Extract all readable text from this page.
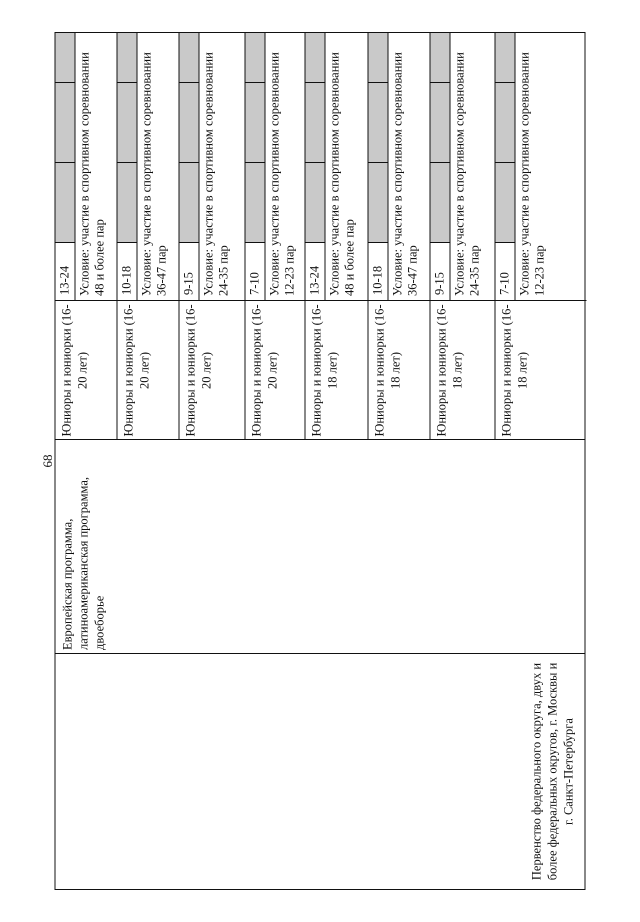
68
Первенство федерального округа, двух и более федеральных округов, г. Москвы и г. Санкт-Петербурга
Европейская программа, латиноамериканская программа, двоеборье
Юниоры и юниорки (16-20 лет)
13-24 Условие: участие в спортивном соревновании 48 и более пар
Юниоры и юниорки (16-20 лет)
10-18 Условие: участие в спортивном соревновании 36-47 пар
Юниоры и юниорки (16-20 лет)
9-15 Условие: участие в спортивном соревновании 24-35 пар
Юниоры и юниорки (16-20 лет)
7-10 Условие: участие в спортивном соревновании 12-23 пар
Юниоры и юниорки (16-18 лет)
13-24 Условие: участие в спортивном соревновании 48 и более пар
Юниоры и юниорки (16-18 лет)
10-18 Условие: участие в спортивном соревновании 36-47 пар
Юниоры и юниорки (16-18 лет)
9-15 Условие: участие в спортивном соревновании 24-35 пар
Юниоры и юниорки (16-18 лет)
7-10 Условие: участие в спортивном соревновании 12-23 пар
